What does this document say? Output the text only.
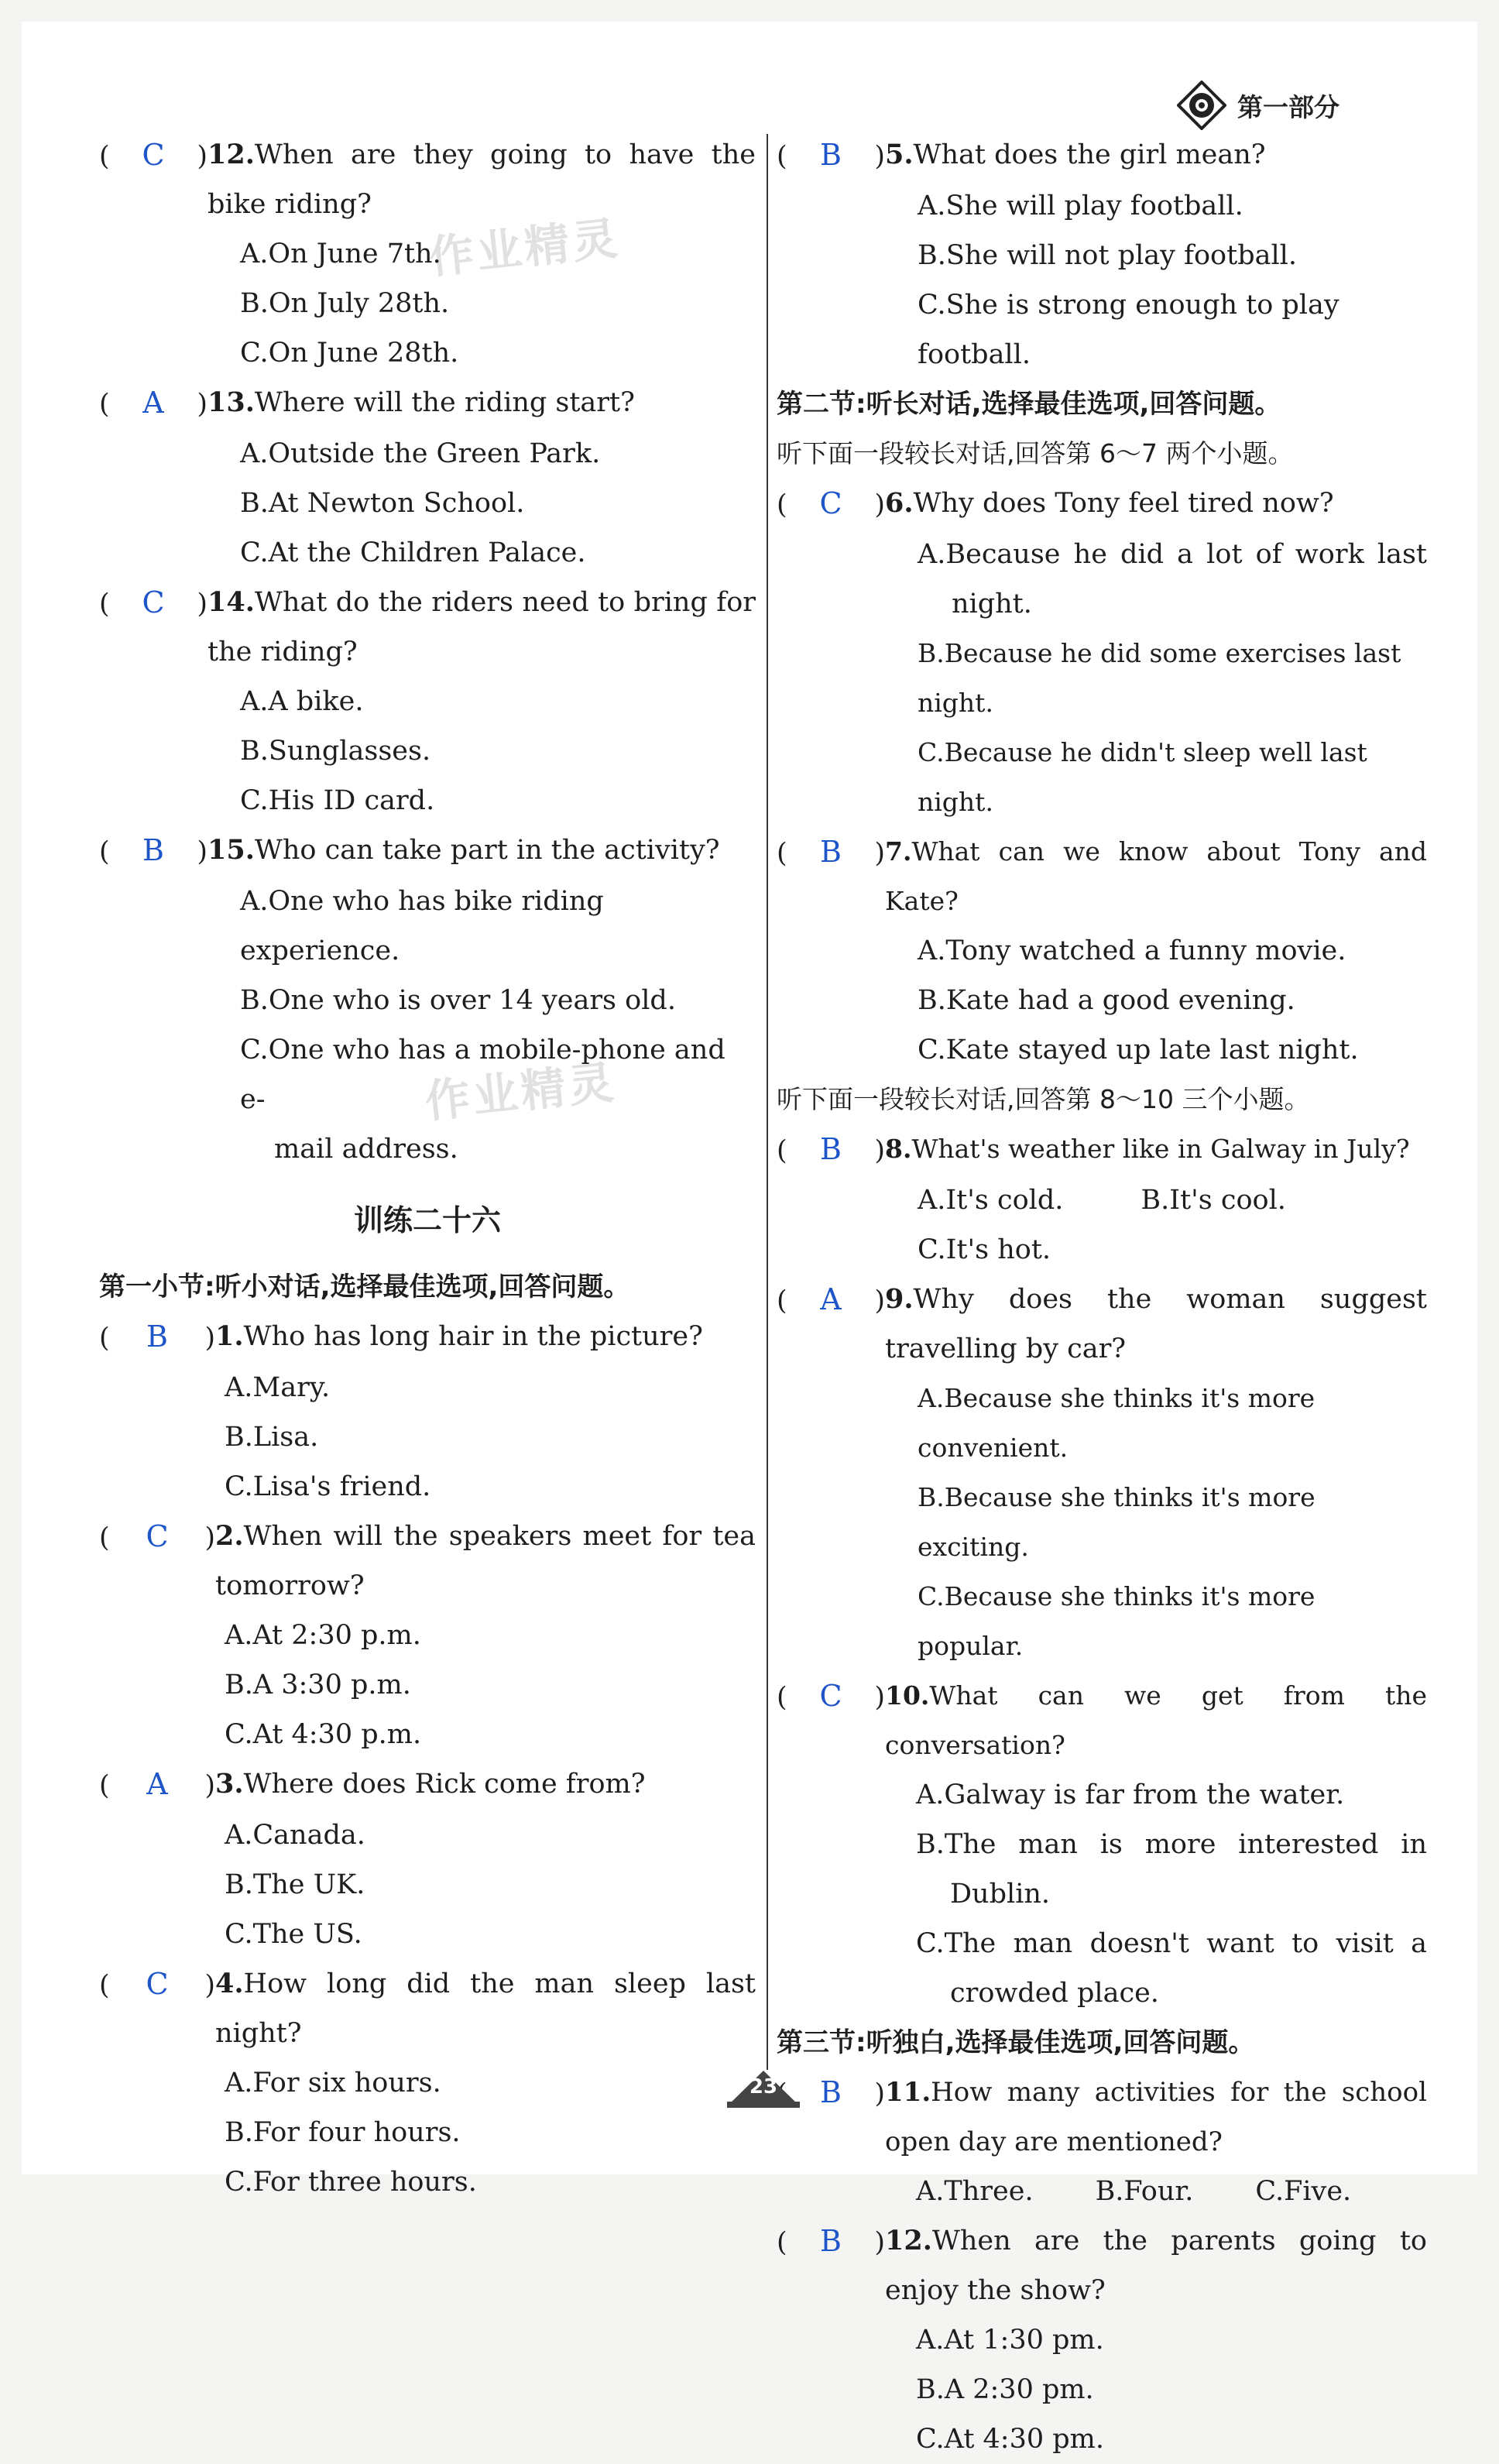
第一部分
作业精灵
作业精灵
( C ) 12.When are they going to have the bike riding?
A.On June 7th.
B.On July 28th.
C.On June 28th.
( A	) 13.Where will the riding start?
A.Outside the Green Park.
B.At Newton School.
C.At the Children Palace.
( C ) 14.What do the riders need to bring for the riding?
A.A bike.
B.Sunglasses.
C.His ID card.
( B	) 15.Who can take part in the activity?
A.One who has bike riding experience.
B.One who is over 14 years old.
C.One who has a mobile-phone and e-
mail address.
训练二十六
第一小节:听小对话,选择最佳选项,回答问题。
( B	) 1.Who has long hair in the picture?
A.Mary.
B.Lisa.
C.Lisa's friend.
( C ) 2.When will the speakers meet for tea tomorrow?
A.At 2:30 p.m.
B.A 3:30 p.m.
C.At 4:30 p.m.
( A	) 3.Where does Rick come from?
A.Canada.
B.The UK.
C.The US.
( C ) 4.How long did the man sleep last night?
A.For six hours.
B.For four hours.
C.For three hours.
( B	) 5.What does the girl mean?
A.She will play football.
B.She will not play football.
C.She is strong enough to play football.
第二节:听长对话,选择最佳选项,回答问题。
听下面一段较长对话,回答第 6～7 两个小题。
( C ) 6.Why does Tony feel tired now?
A.Because he did a lot of work last
night.
B.Because he did some exercises last night.
C.Because he didn't sleep well last night.
( B	) 7.What can we know about Tony and Kate?
A.Tony watched a funny movie.
B.Kate had a good evening.
C.Kate stayed up late last night.
听下面一段较长对话,回答第 8～10 三个小题。
( B	) 8.What's weather like in Galway in July?
A.It's cold.	B.It's cool.
C.It's hot.
( A	) 9.Why does the woman suggest travelling by car?
A.Because she thinks it's more convenient.
B.Because she thinks it's more exciting.
C.Because she thinks it's more popular.
( C ) 10.What can we get from the conversation?
A.Galway is far from the water.
B.The man is more interested in
Dublin.
C.The man doesn't want to visit a
crowded place.
第三节:听独白,选择最佳选项,回答问题。
B	) 11.How many activities for the school open day are mentioned?
A.Three. B.Four. C.Five.
( B	) 12.When are the parents going to enjoy the show?
A.At 1:30 pm.
B.A 2:30 pm.
C.At 4:30 pm.
23
